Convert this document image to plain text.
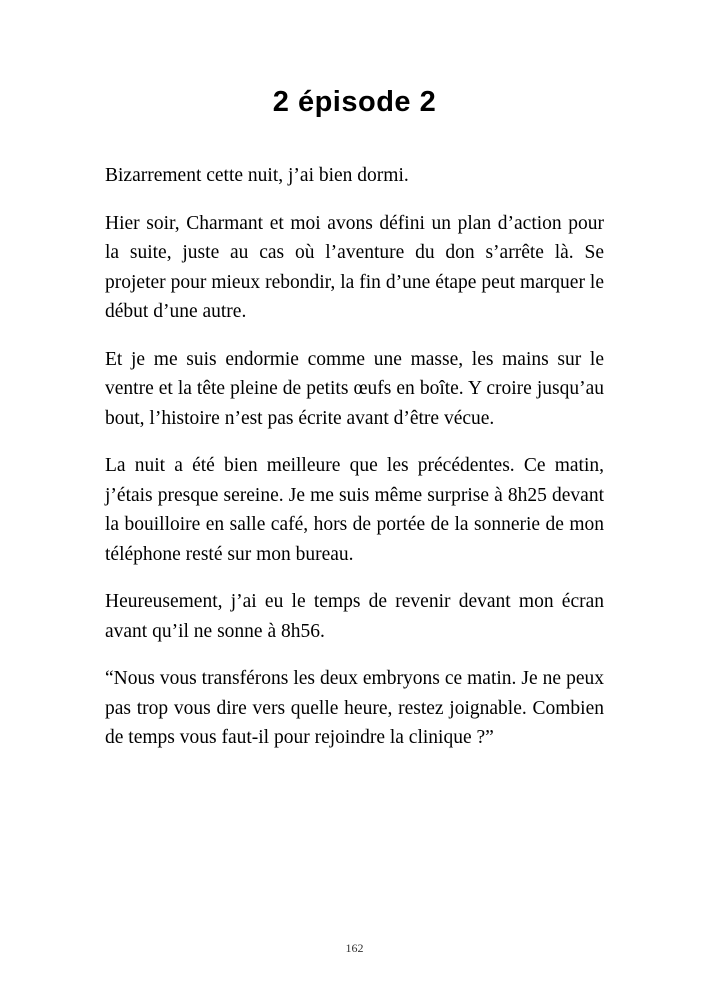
2 épisode 2

Bizarrement cette nuit, j’ai bien dormi.

Hier soir, Charmant et moi avons défini un plan d’action pour la suite, juste au cas où l’aventure du don s’arrête là. Se projeter pour mieux rebondir, la fin d’une étape peut marquer le début d’une autre.

Et je me suis endormie comme une masse, les mains sur le ventre et la tête pleine de petits œufs en boîte. Y croire jusqu’au bout, l’histoire n’est pas écrite avant d’être vécue.

La nuit a été bien meilleure que les précédentes. Ce matin, j’étais presque sereine. Je me suis même surprise à 8h25 devant la bouilloire en salle café, hors de portée de la sonnerie de mon téléphone resté sur mon bureau.

Heureusement, j’ai eu le temps de revenir devant mon écran avant qu’il ne sonne à 8h56.

“Nous vous transférons les deux embryons ce matin. Je ne peux pas trop vous dire vers quelle heure, restez joignable. Combien de temps vous faut-il pour rejoindre la clinique ?”

162
